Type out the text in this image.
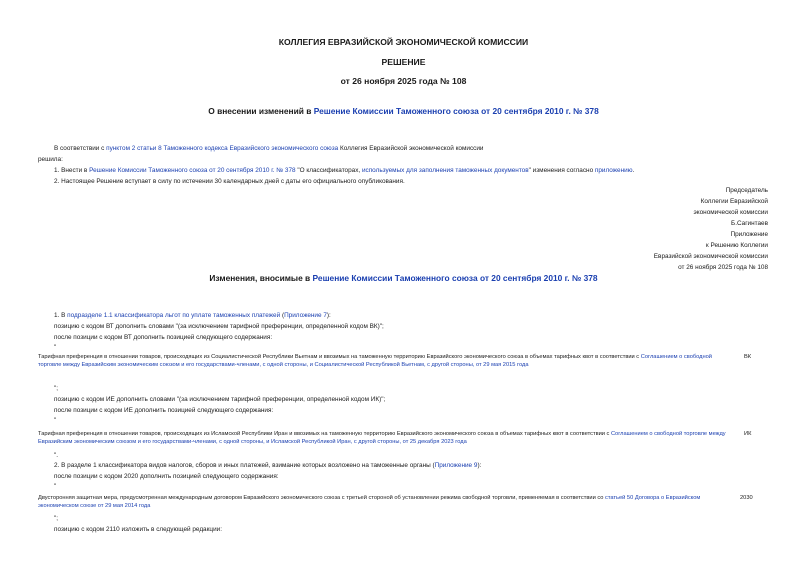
КОЛЛЕГИЯ ЕВРАЗИЙСКОЙ ЭКОНОМИЧЕСКОЙ КОМИССИИ
РЕШЕНИЕ
от 26 ноября 2025 года № 108
О внесении изменений в Решение Комиссии Таможенного союза от 20 сентября 2010 г. № 378
В соответствии с пунктом 2 статьи 8 Таможенного кодекса Евразийского экономического союза Коллегия Евразийской экономической комиссии
решила:
1. Внести в Решение Комиссии Таможенного союза от 20 сентября 2010 г. № 378 "О классификаторах, используемых для заполнения таможенных документов" изменения согласно приложению.
2. Настоящее Решение вступает в силу по истечении 30 календарных дней с даты его официального опубликования.
Председатель
Коллегии Евразийской
экономической комиссии
Б.Сагинтаев
Приложение
к Решению Коллегии
Евразийской экономической комиссии
от 26 ноября 2025 года № 108
Изменения, вносимые в Решение Комиссии Таможенного союза от 20 сентября 2010 г. № 378
1. В подразделе 1.1 классификатора льгот по уплате таможенных платежей (Приложение 7):
позицию с кодом ВТ дополнить словами "(за исключением тарифной преференции, определенной кодом ВК)";
после позиции с кодом ВТ дополнить позицией следующего содержания:
"
Тарифная преференция в отношении товаров, происходящих из Социалистической Республики Вьетнам и ввозимых на таможенную территорию Евразийского экономического союза в объемах тарифных квот в соответствии с Соглашением о свободной торговле между Евразийским экономическим союзом и его государствами-членами, с одной стороны, и Социалистической Республикой Вьетнам, с другой стороны, от 29 мая 2015 года
ВК
";
позицию с кодом ИЕ дополнить словами "(за исключением тарифной преференции, определенной кодом ИК)";
после позиции с кодом ИЕ дополнить позицией следующего содержания:
"
Тарифная преференция в отношении товаров, происходящих из Исламской Республики Иран и ввозимых на таможенную территорию Евразийского экономического союза в объемах тарифных квот в соответствии с Соглашением о свободной торговле между Евразийским экономическим союзом и его государствами-членами, с одной стороны, и Исламской Республикой Иран, с другой стороны, от 25 декабря 2023 года
ИК
".
2. В разделе 1 классификатора видов налогов, сборов и иных платежей, взимание которых возложено на таможенные органы (Приложение 9):
после позиции с кодом 2020 дополнить позицией следующего содержания:
"
Двусторонняя защитная мера, предусмотренная международным договором Евразийского экономического союза с третьей стороной об установлении режима свободной торговли, применяемая в соответствии со статьей 50 Договора о Евразийском экономическом союзе от 29 мая 2014 года
2030
";
позицию с кодом 2110 изложить в следующей редакции:
